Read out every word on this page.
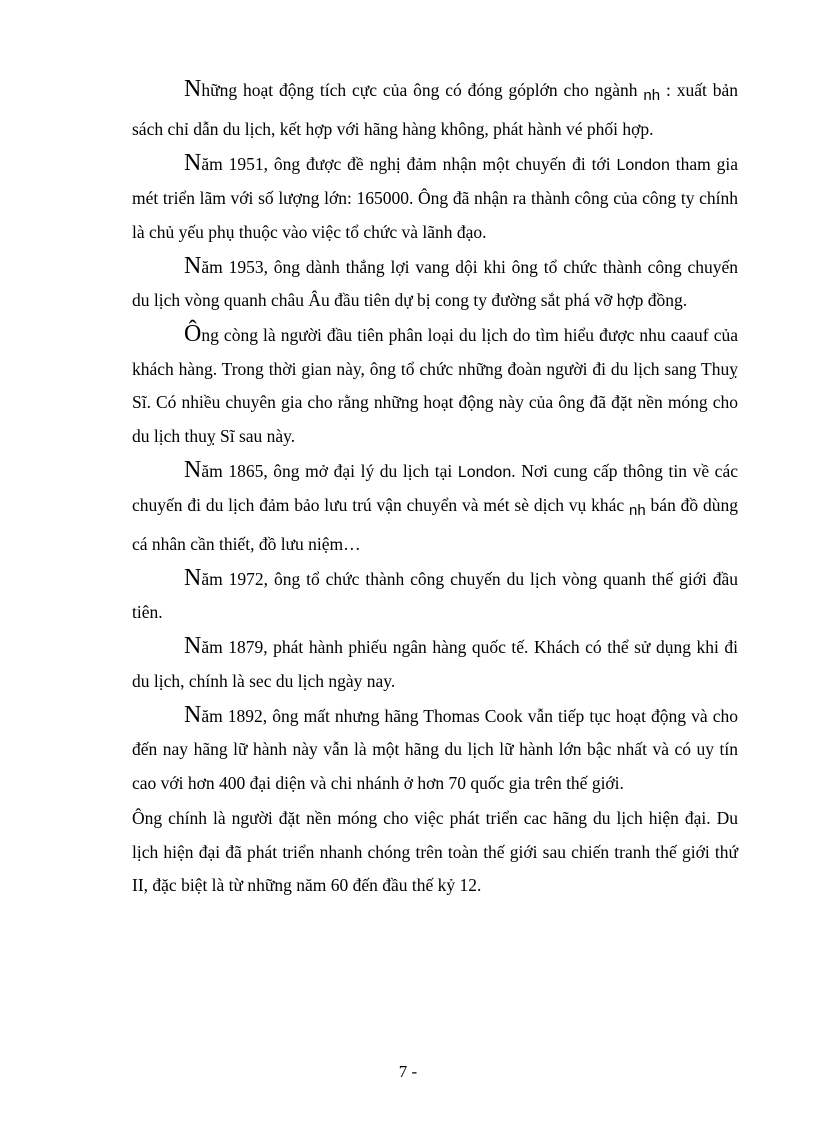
Những hoạt động tích cực của ông có đóng góplớn cho ngành nh : xuất bản sách chỉ dẫn du lịch, kết hợp với hãng hàng không, phát hành vé phối hợp.

Năm 1951, ông được đề nghị đảm nhận một chuyến đi tới London tham gia mét triển lãm với số lượng lớn: 165000. Ông đã nhận ra thành công của công ty chính là chủ yếu phụ thuộc vào việc tổ chức và lãnh đạo.

Năm 1953, ông dành thắng lợi vang dội khi ông tổ chức thành công chuyến du lịch vòng quanh châu Âu đầu tiên dự bị cong ty đường sắt phá vỡ hợp đồng.

Ông còng là người đầu tiên phân loại du lịch do tìm hiểu được nhu caauf của khách hàng. Trong thời gian này, ông tổ chức những đoàn người đi du lịch sang Thuỵ Sĩ. Có nhiều chuyên gia cho rằng những hoạt động này của ông đã đặt nền móng cho du lịch thuỵ Sĩ sau này.

Năm 1865, ông mở đại lý du lịch tại London. Nơi cung cấp thông tin về các chuyến đi du lịch đảm bảo lưu trú vận chuyển và mét sè dịch vụ khác nh bán đồ dùng cá nhân cần thiết, đồ lưu niệm…

Năm 1972, ông tổ chức thành công chuyến du lịch vòng quanh thế giới đầu tiên.

Năm 1879, phát hành phiếu ngân hàng quốc tế. Khách có thể sử dụng khi đi du lịch, chính là sec du lịch ngày nay.

Năm 1892, ông mất nhưng hãng Thomas Cook vẫn tiếp tục hoạt động và cho đến nay hãng lữ hành này vẫn là một hãng du lịch lữ hành lớn bậc nhất và có uy tín cao với hơn 400 đại diện và chi nhánh ở hơn 70 quốc gia trên thế giới.

Ông chính là người đặt nền móng cho việc phát triển cac hãng du lịch hiện đại. Du lịch hiện đại đã phát triển nhanh chóng trên toàn thế giới sau chiến tranh thế giới thứ II, đặc biệt là từ những năm 60 đến đầu thế kỷ 12.

7 -
